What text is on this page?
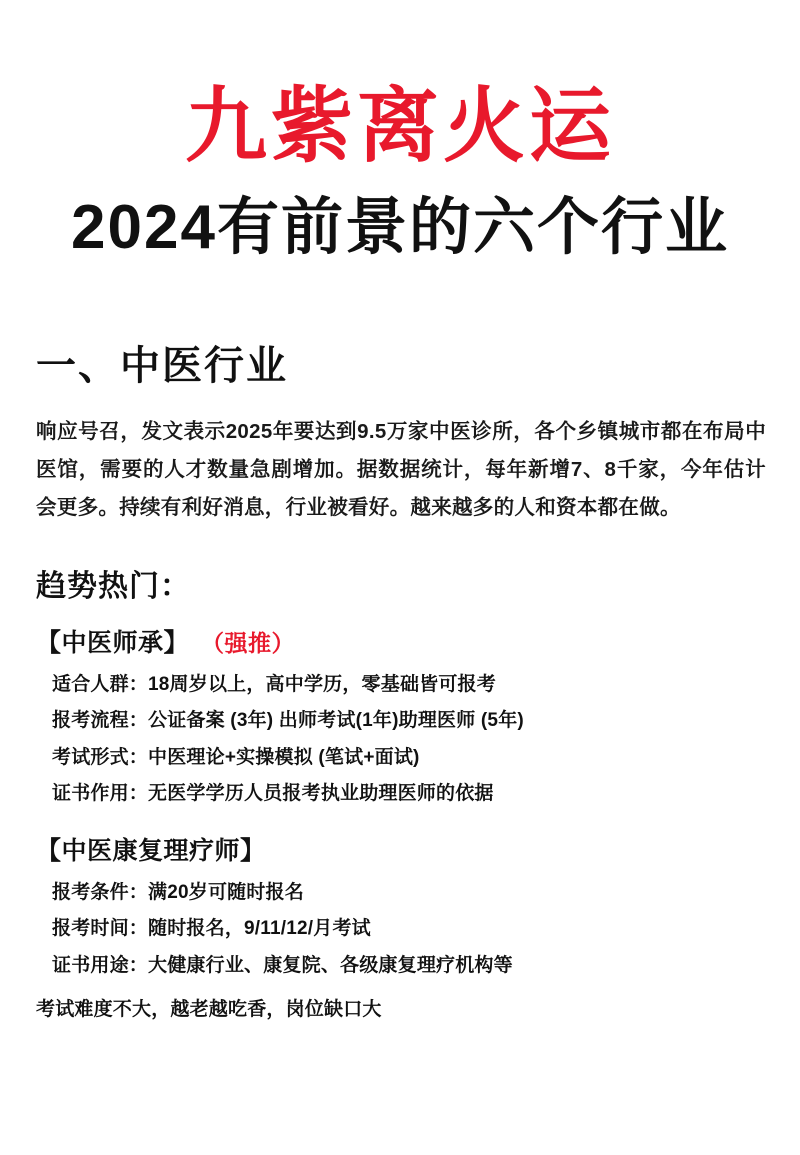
九紫离火运
2024有前景的六个行业
一、中医行业
响应号召，发文表示2025年要达到9.5万家中医诊所，各个乡镇城市都在布局中医馆，需要的人才数量急剧增加。据数据统计，每年新增7、8千家，今年估计会更多。持续有利好消息，行业被看好。越来越多的人和资本都在做。
趋势热门：
【中医师承】 （强推）
适合人群：18周岁以上，高中学历，零基础皆可报考
报考流程：公证备案 (3年) 出师考试(1年)助理医师 (5年)
考试形式：中医理论+实操模拟 (笔试+面试)
证书作用：无医学学历人员报考执业助理医师的依据
【中医康复理疗师】
报考条件：满20岁可随时报名
报考时间：随时报名，9/11/12/月考试
证书用途：大健康行业、康复院、各级康复理疗机构等
考试难度不大，越老越吃香，岗位缺口大
